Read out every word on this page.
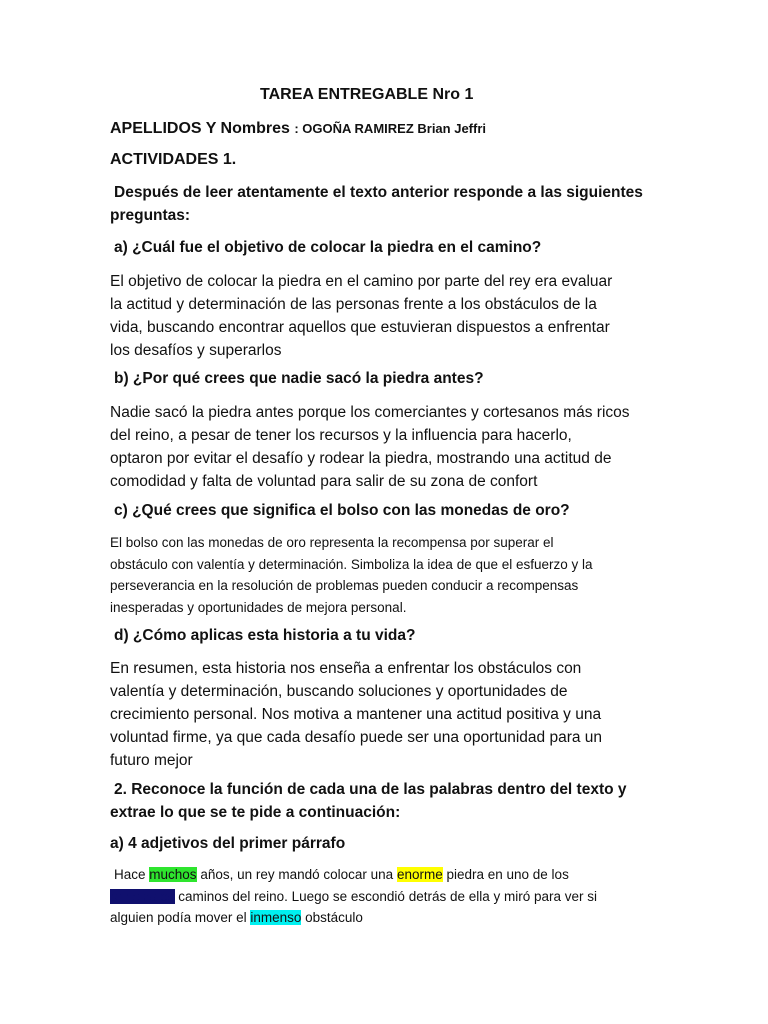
TAREA ENTREGABLE Nro 1
APELLIDOS Y Nombres : OGOÑA RAMIREZ Brian Jeffri
ACTIVIDADES 1.
Después de leer atentamente el texto anterior responde a las siguientes
preguntas:
a) ¿Cuál fue el objetivo de colocar la piedra en el camino?
El objetivo de colocar la piedra en el camino por parte del rey era evaluar
la actitud y determinación de las personas frente a los obstáculos de la
vida, buscando encontrar aquellos que estuvieran dispuestos a enfrentar
los desafíos y superarlos
b) ¿Por qué crees que nadie sacó la piedra antes?
Nadie sacó la piedra antes porque los comerciantes y cortesanos más ricos
del reino, a pesar de tener los recursos y la influencia para hacerlo,
optaron por evitar el desafío y rodear la piedra, mostrando una actitud de
comodidad y falta de voluntad para salir de su zona de confort
c) ¿Qué crees que significa el bolso con las monedas de oro?
El bolso con las monedas de oro representa la recompensa por superar el
obstáculo con valentía y determinación. Simboliza la idea de que el esfuerzo y la
perseverancia en la resolución de problemas pueden conducir a recompensas
inesperadas y oportunidades de mejora personal.
d) ¿Cómo aplicas esta historia a tu vida?
En resumen, esta historia nos enseña a enfrentar los obstáculos con
valentía y determinación, buscando soluciones y oportunidades de
crecimiento personal. Nos motiva a mantener una actitud positiva y una
voluntad firme, ya que cada desafío puede ser una oportunidad para un
futuro mejor
2. Reconoce la función de cada una de las palabras dentro del texto y
extrae lo que se te pide a continuación:
a) 4 adjetivos del primer párrafo
Hace muchos años, un rey mandó colocar una enorme piedra en uno de los
principales caminos del reino. Luego se escondió detrás de ella y miró para ver si
alguien podía mover el inmenso obstáculo
